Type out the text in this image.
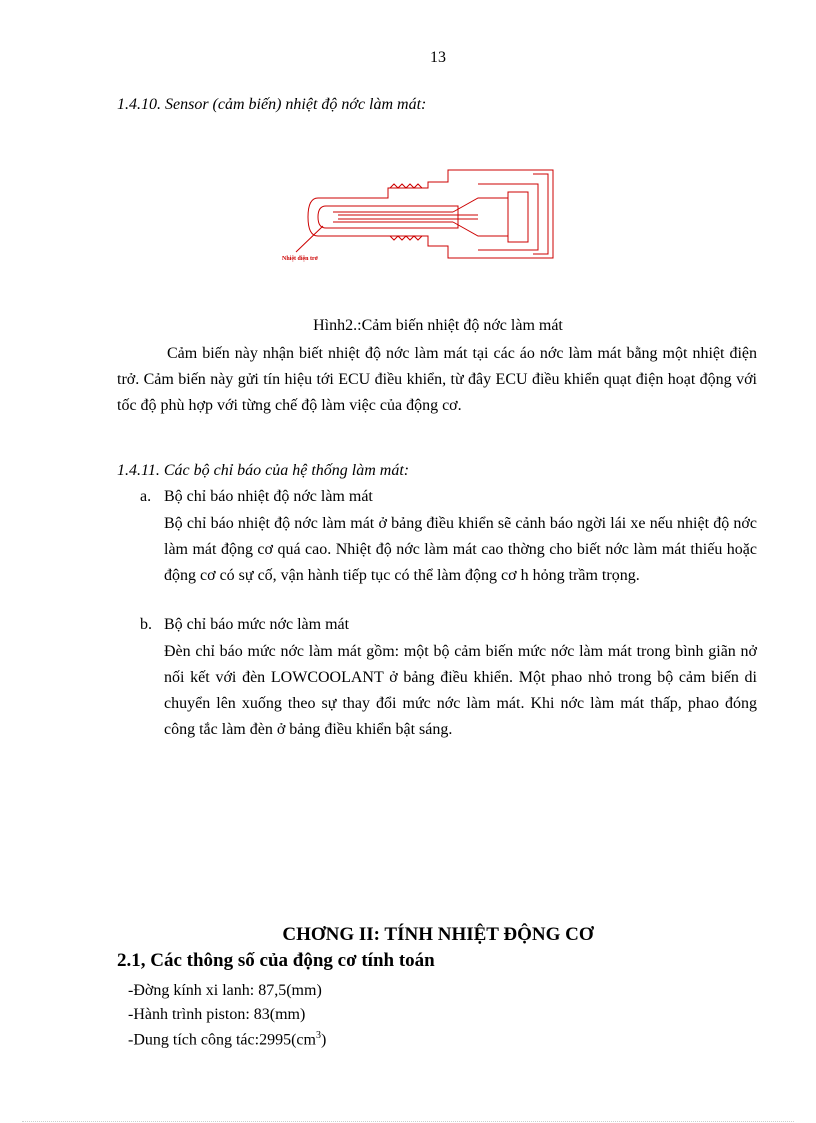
13
1.4.10. Sensor (cảm biến) nhiệt độ nớc làm mát:
Nhiệt điện trở
Hình2.:Cảm biến nhiệt độ nớc làm mát

Cảm biến này nhận biết nhiệt độ nớc làm mát tại các áo nớc làm mát bằng một nhiệt điện trở. Cảm biến này gửi tín hiệu tới ECU điều khiển, từ đây ECU điều khiển quạt điện hoạt động với tốc độ phù hợp với từng chế độ làm việc của động cơ.

1.4.11. Các bộ chỉ báo của hệ thống làm mát:
a. Bộ chỉ báo nhiệt độ nớc làm mát

Bộ chỉ báo nhiệt độ nớc làm mát ở bảng điều khiển sẽ cảnh báo ngời lái xe nếu nhiệt độ nớc làm mát động cơ quá cao. Nhiệt độ nớc làm mát cao thờng cho biết nớc làm mát thiếu hoặc động cơ có sự cố, vận hành tiếp tục có thể làm động cơ h hỏng trầm trọng.

b. Bộ chỉ báo mức nớc làm mát

Đèn chỉ báo mức nớc làm mát gồm: một bộ cảm biến mức nớc làm mát trong bình giãn nở nối kết với đèn LOWCOOLANT ở bảng điều khiển. Một phao nhỏ trong bộ cảm biến di chuyển lên xuống theo sự thay đổi mức nớc làm mát. Khi nớc làm mát thấp, phao đóng công tắc làm đèn ở bảng điều khiển bật sáng.

CHƠNG II: TÍNH NHIỆT ĐỘNG CƠ
2.1, Các thông số của động cơ tính toán
-Đờng kính xi lanh: 87,5(mm)
-Hành trình piston: 83(mm)
-Dung tích công $tác:2995(cm^3)$
